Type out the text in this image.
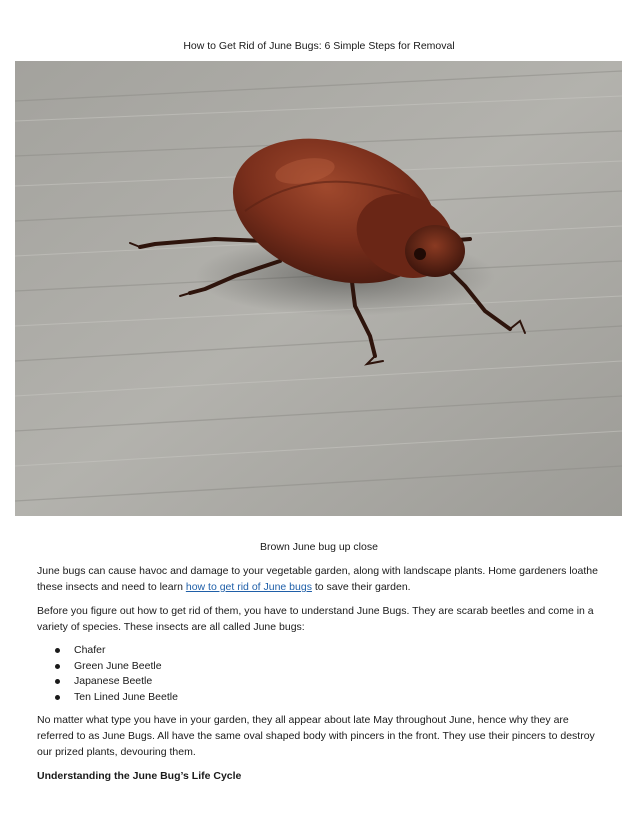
How to Get Rid of June Bugs: 6 Simple Steps for Removal
Brown June bug up close

June bugs can cause havoc and damage to your vegetable garden, along with landscape plants. Home gardeners loathe these insects and need to learn how to get rid of June bugs to save their garden.

Before you figure out how to get rid of them, you have to understand June Bugs. They are scarab beetles and come in a variety of species. These insects are all called June bugs:

Chafer
Green June Beetle
Japanese Beetle
Ten Lined June Beetle

No matter what type you have in your garden, they all appear about late May throughout June, hence why they are referred to as June Bugs. All have the same oval shaped body with pincers in the front. They use their pincers to destroy our prized plants, devouring them.

Understanding the June Bug’s Life Cycle
